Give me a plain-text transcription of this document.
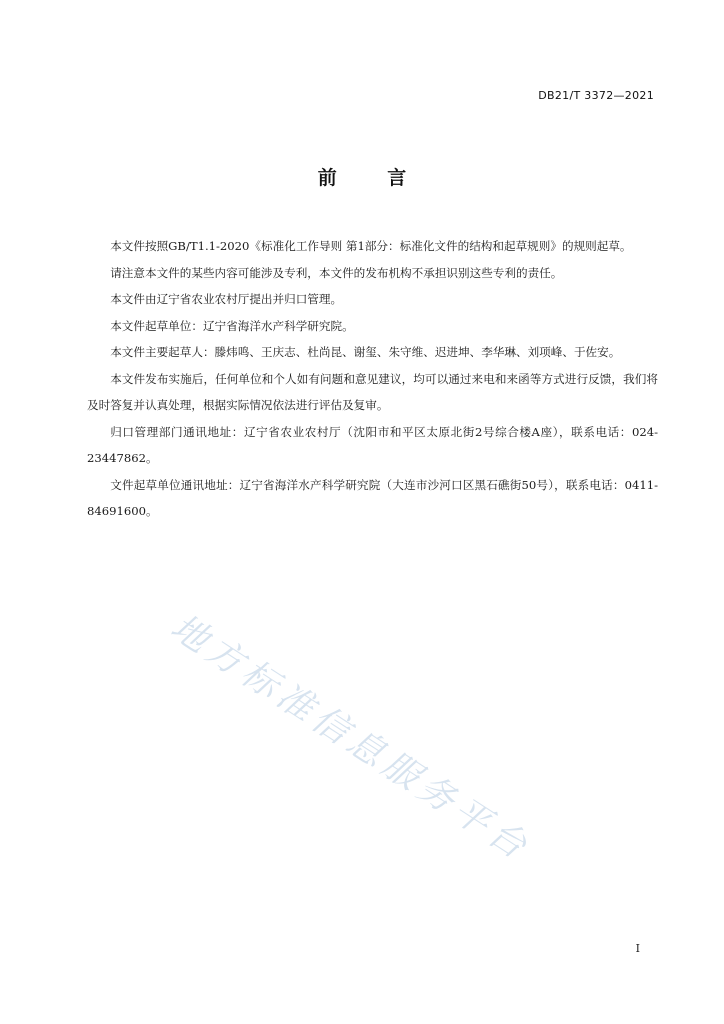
DB21/T 3372—2021
前 言

本文件按照GB/T1.1-2020《标准化工作导则 第1部分：标准化文件的结构和起草规则》的规则起草。

请注意本文件的某些内容可能涉及专利，本文件的发布机构不承担识别这些专利的责任。

本文件由辽宁省农业农村厅提出并归口管理。

本文件起草单位：辽宁省海洋水产科学研究院。

本文件主要起草人：滕炜鸣、王庆志、杜尚昆、谢玺、朱守维、迟进坤、李华琳、刘项峰、于佐安。

本文件发布实施后，任何单位和个人如有问题和意见建议，均可以通过来电和来函等方式进行反馈，我们将及时答复并认真处理，根据实际情况依法进行评估及复审。

归口管理部门通讯地址：辽宁省农业农村厅（沈阳市和平区太原北街2号综合楼A座），联系电话：024-23447862。

文件起草单位通讯地址：辽宁省海洋水产科学研究院（大连市沙河口区黑石礁街50号），联系电话：0411-84691600。

地方标准信息服务平台
I
